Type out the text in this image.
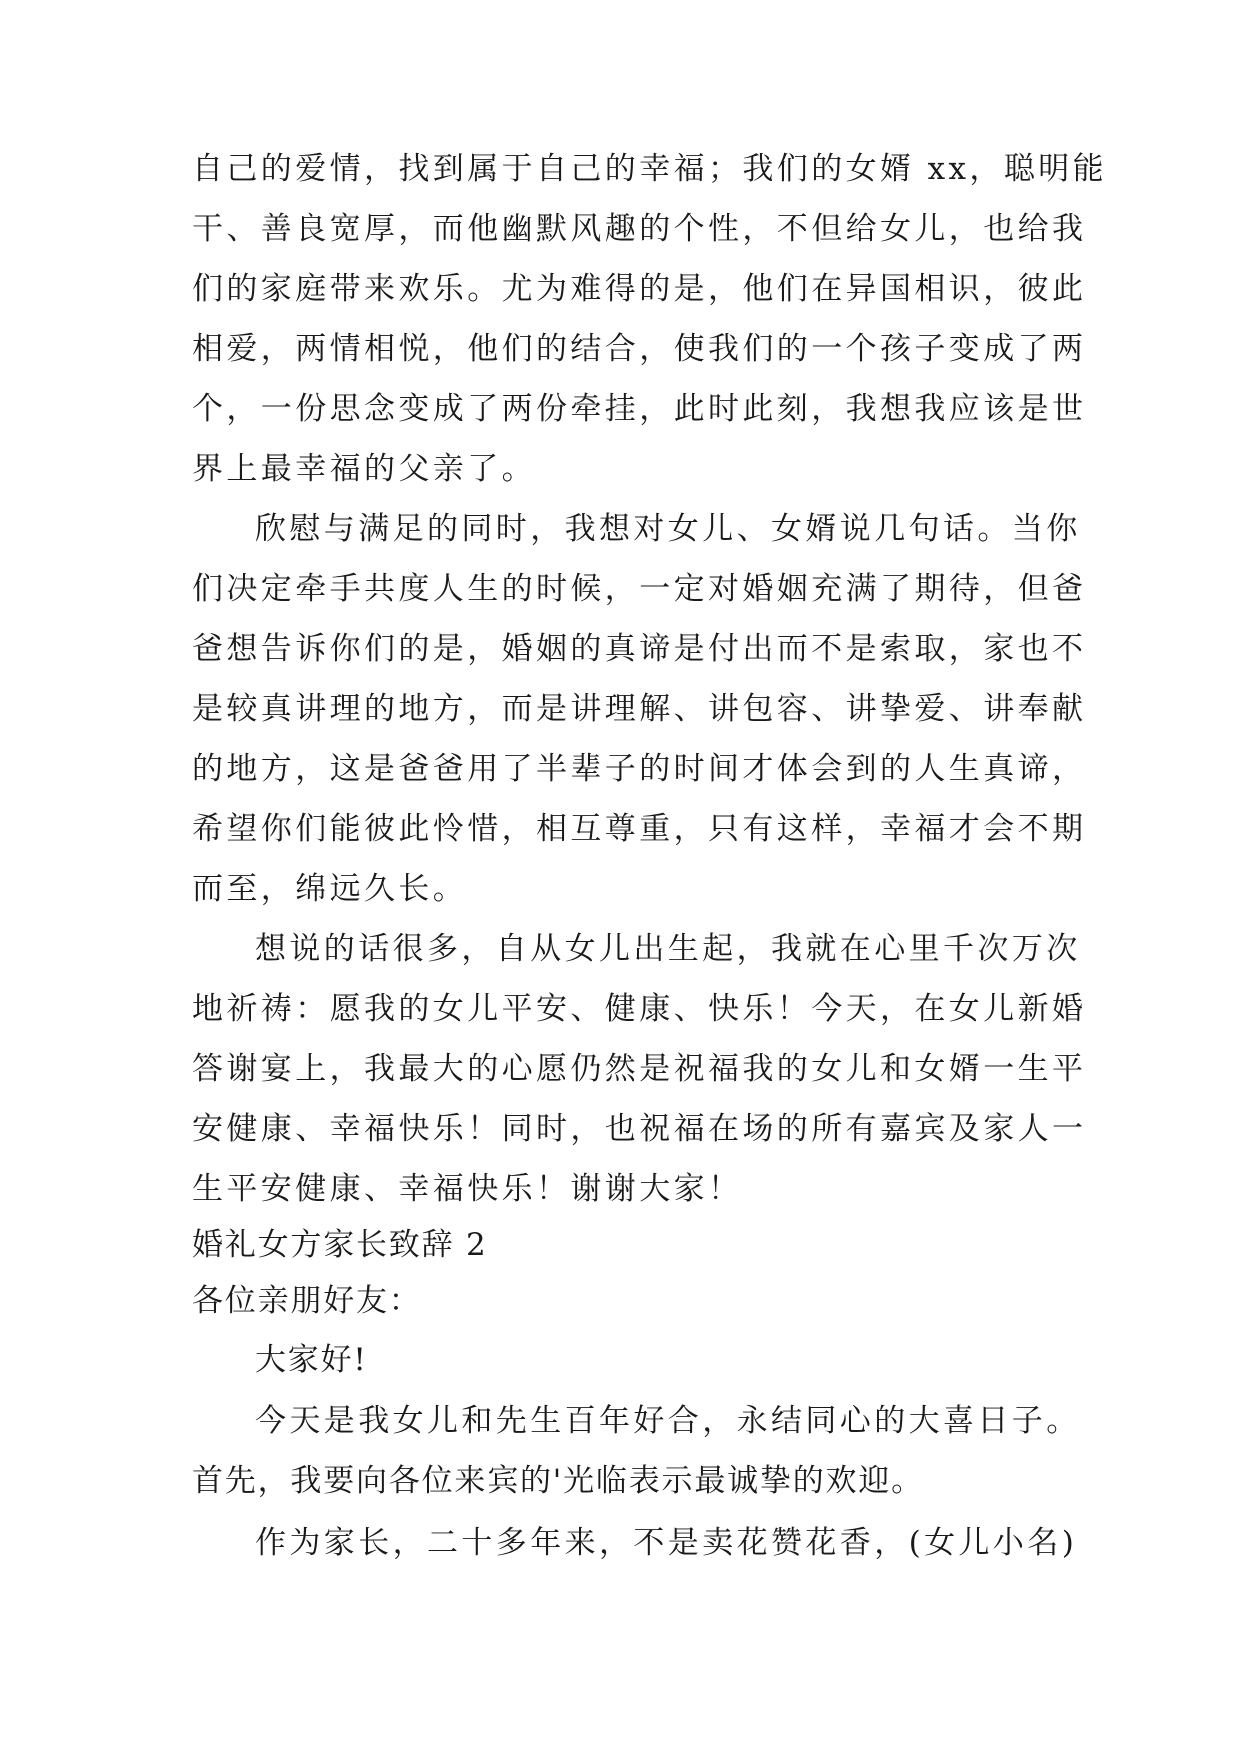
自己的爱情，找到属于自己的幸福；我们的女婿 xx，聪明能
干、善良宽厚，而他幽默风趣的个性，不但给女儿，也给我
们的家庭带来欢乐。尤为难得的是，他们在异国相识，彼此
相爱，两情相悦，他们的结合，使我们的一个孩子变成了两
个，一份思念变成了两份牵挂，此时此刻，我想我应该是世
界上最幸福的父亲了。
欣慰与满足的同时，我想对女儿、女婿说几句话。当你
们决定牵手共度人生的时候，一定对婚姻充满了期待，但爸
爸想告诉你们的是，婚姻的真谛是付出而不是索取，家也不
是较真讲理的地方，而是讲理解、讲包容、讲挚爱、讲奉献
的地方，这是爸爸用了半辈子的时间才体会到的人生真谛，
希望你们能彼此怜惜，相互尊重，只有这样，幸福才会不期
而至，绵远久长。
想说的话很多，自从女儿出生起，我就在心里千次万次
地祈祷：愿我的女儿平安、健康、快乐！今天，在女儿新婚
答谢宴上，我最大的心愿仍然是祝福我的女儿和女婿一生平
安健康、幸福快乐！同时，也祝福在场的所有嘉宾及家人一
生平安健康、幸福快乐！谢谢大家！
婚礼女方家长致辞 2
各位亲朋好友：
大家好!
今天是我女儿和先生百年好合，永结同心的大喜日子。
首先，我要向各位来宾的'光临表示最诚挚的欢迎。
作为家长，二十多年来，不是卖花赞花香，(女儿小名)
